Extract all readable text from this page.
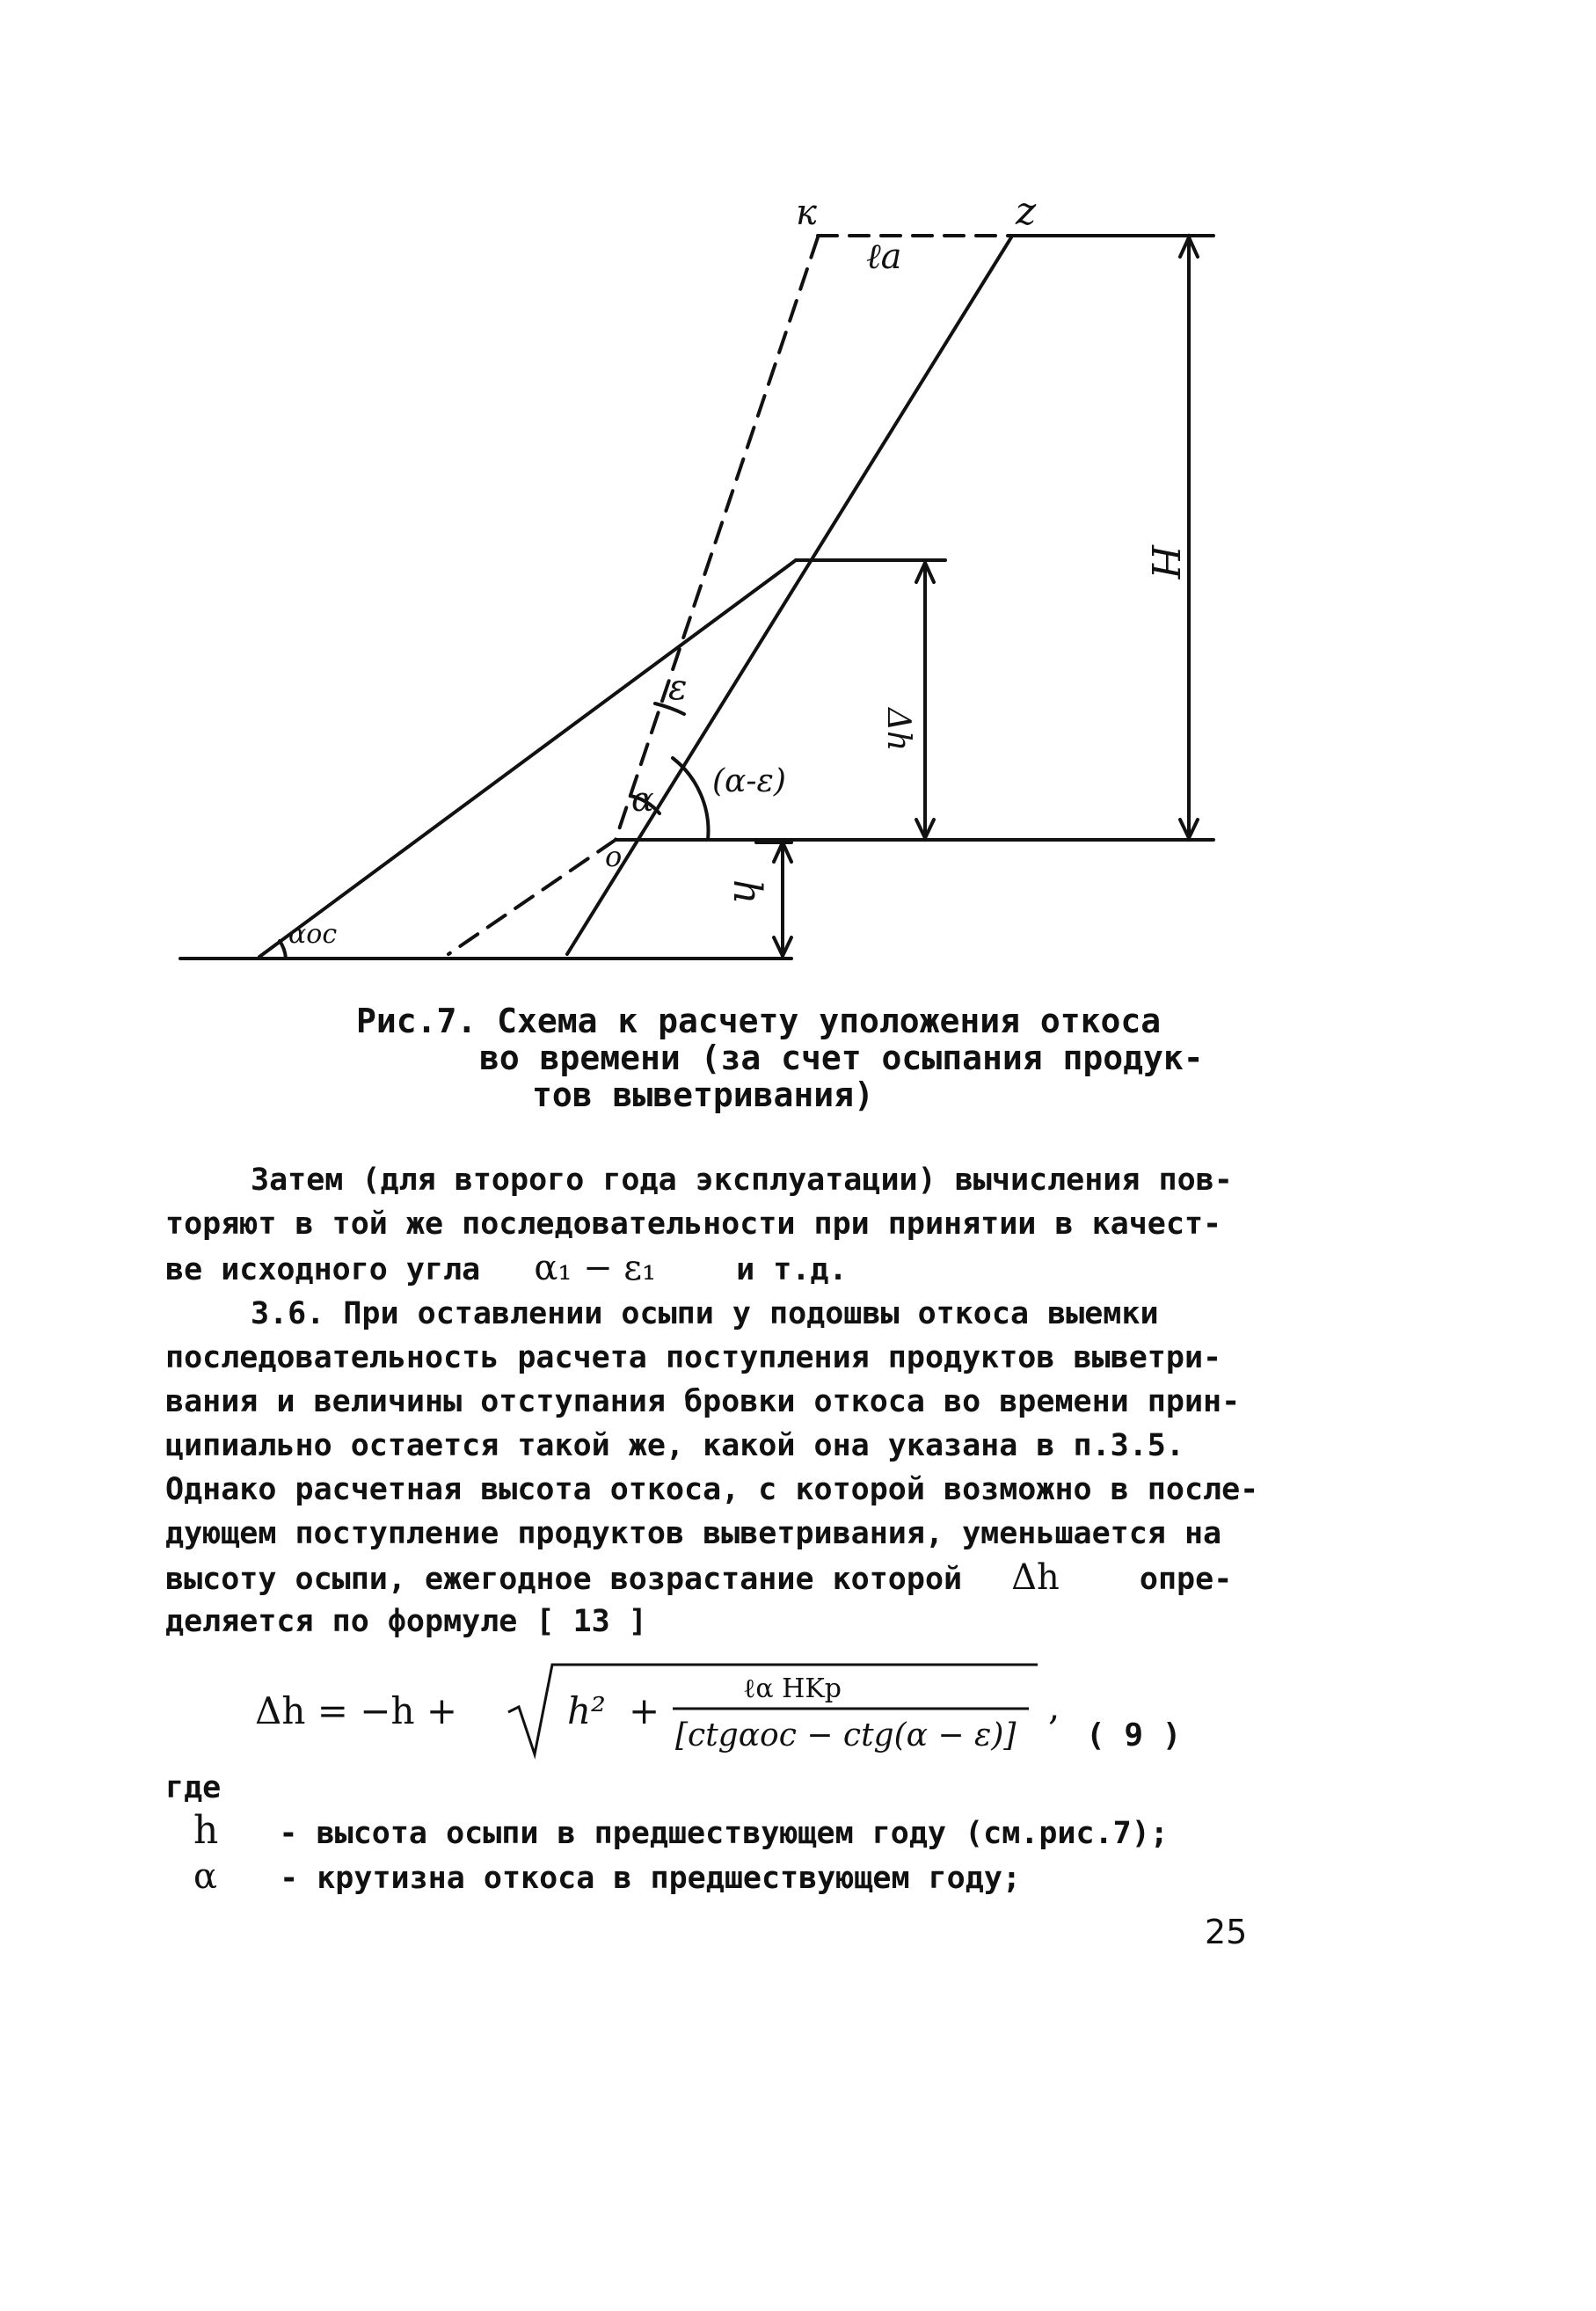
к	z
ℓa
H
Δh
h
ε
α (α-ε)
o
αoc
Рис.7. Схема к расчету уположения откоса
во времени (за счет осыпания продук-
тов выветривания)
Затем (для второго года эксплуатации) вычисления пов-
торяют в той же последовательности при принятии в качест-
ве исходного угла α₁ − ε₁	и т.д.
3.6. При оставлении осыпи у подошвы откоса выемки
последовательность расчета поступления продуктов выветри-
вания и величины отступания бровки откоса во времени прин-
ципиально остается такой же, какой она указана в п.3.5.
Однако расчетная высота откоса, с которой возможно в после-
дующем поступление продуктов выветривания, уменьшается на
высоту осыпи, ежегодное возрастание которой Δh	опре-
деляется по формуле [ 13 ]
Δh = −h +	h² +
ℓα HKp
[ctgαoc − ctg(α − ε)]
,
( 9 )
где
h - высота осыпи в предшествующем году (см.рис.7);
α - крутизна откоса в предшествующем году;
25
